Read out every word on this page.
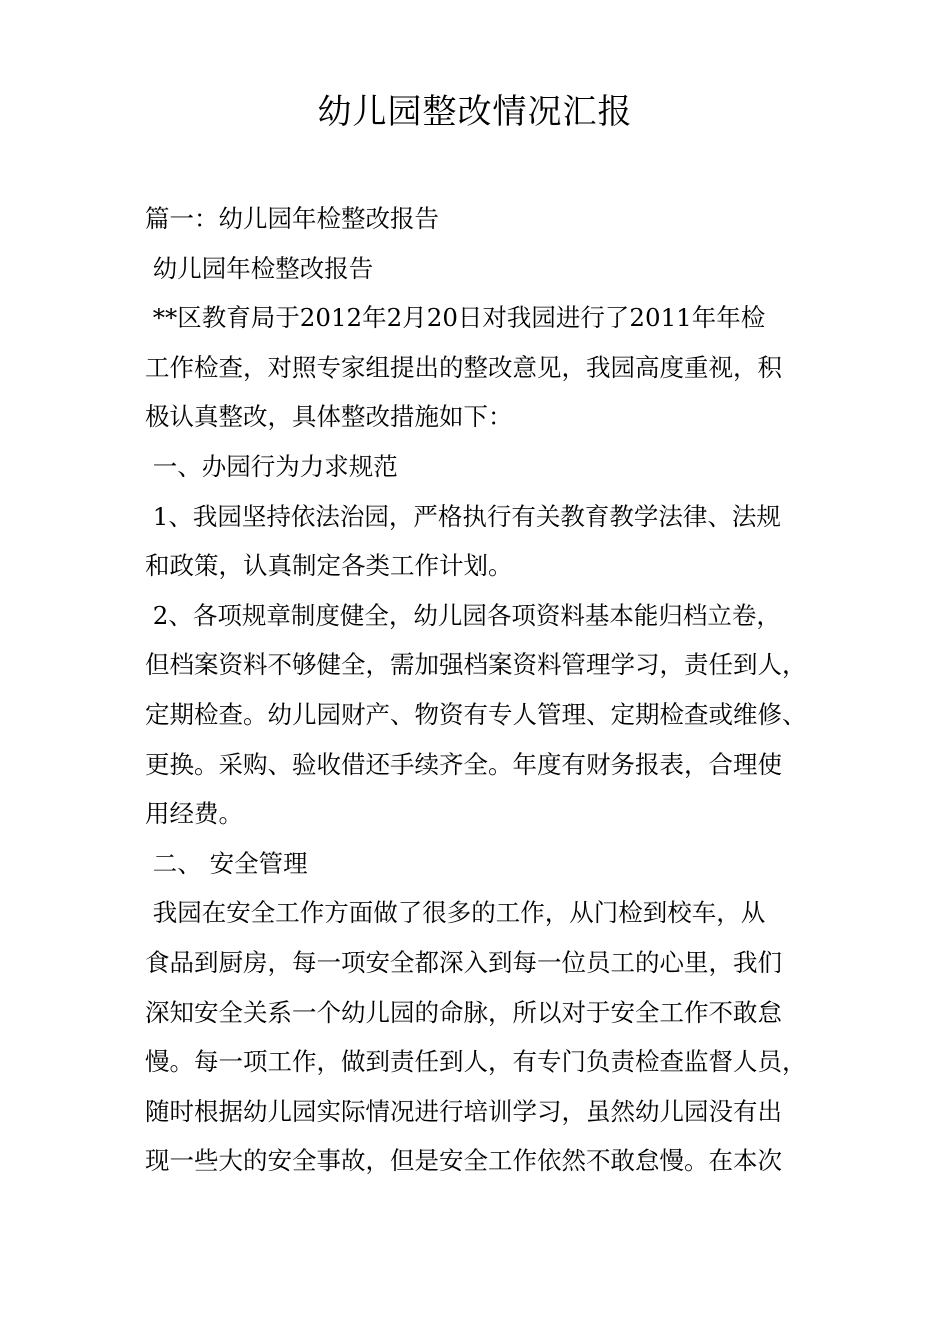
幼儿园整改情况汇报
篇一：幼儿园年检整改报告
幼儿园年检整改报告
**区教育局于2012年2月20日对我园进行了2011年年检
工作检查，对照专家组提出的整改意见，我园高度重视，积
极认真整改，具体整改措施如下：
一、办园行为力求规范
1、我园坚持依法治园，严格执行有关教育教学法律、法规
和政策，认真制定各类工作计划。
2、各项规章制度健全，幼儿园各项资料基本能归档立卷，
但档案资料不够健全，需加强档案资料管理学习，责任到人，
定期检查。幼儿园财产、物资有专人管理、定期检查或维修、
更换。采购、验收借还手续齐全。年度有财务报表，合理使
用经费。
二、 安全管理
我园在安全工作方面做了很多的工作，从门检到校车，从
食品到厨房，每一项安全都深入到每一位员工的心里，我们
深知安全关系一个幼儿园的命脉，所以对于安全工作不敢怠
慢。每一项工作，做到责任到人，有专门负责检查监督人员，
随时根据幼儿园实际情况进行培训学习，虽然幼儿园没有出
现一些大的安全事故，但是安全工作依然不敢怠慢。在本次
